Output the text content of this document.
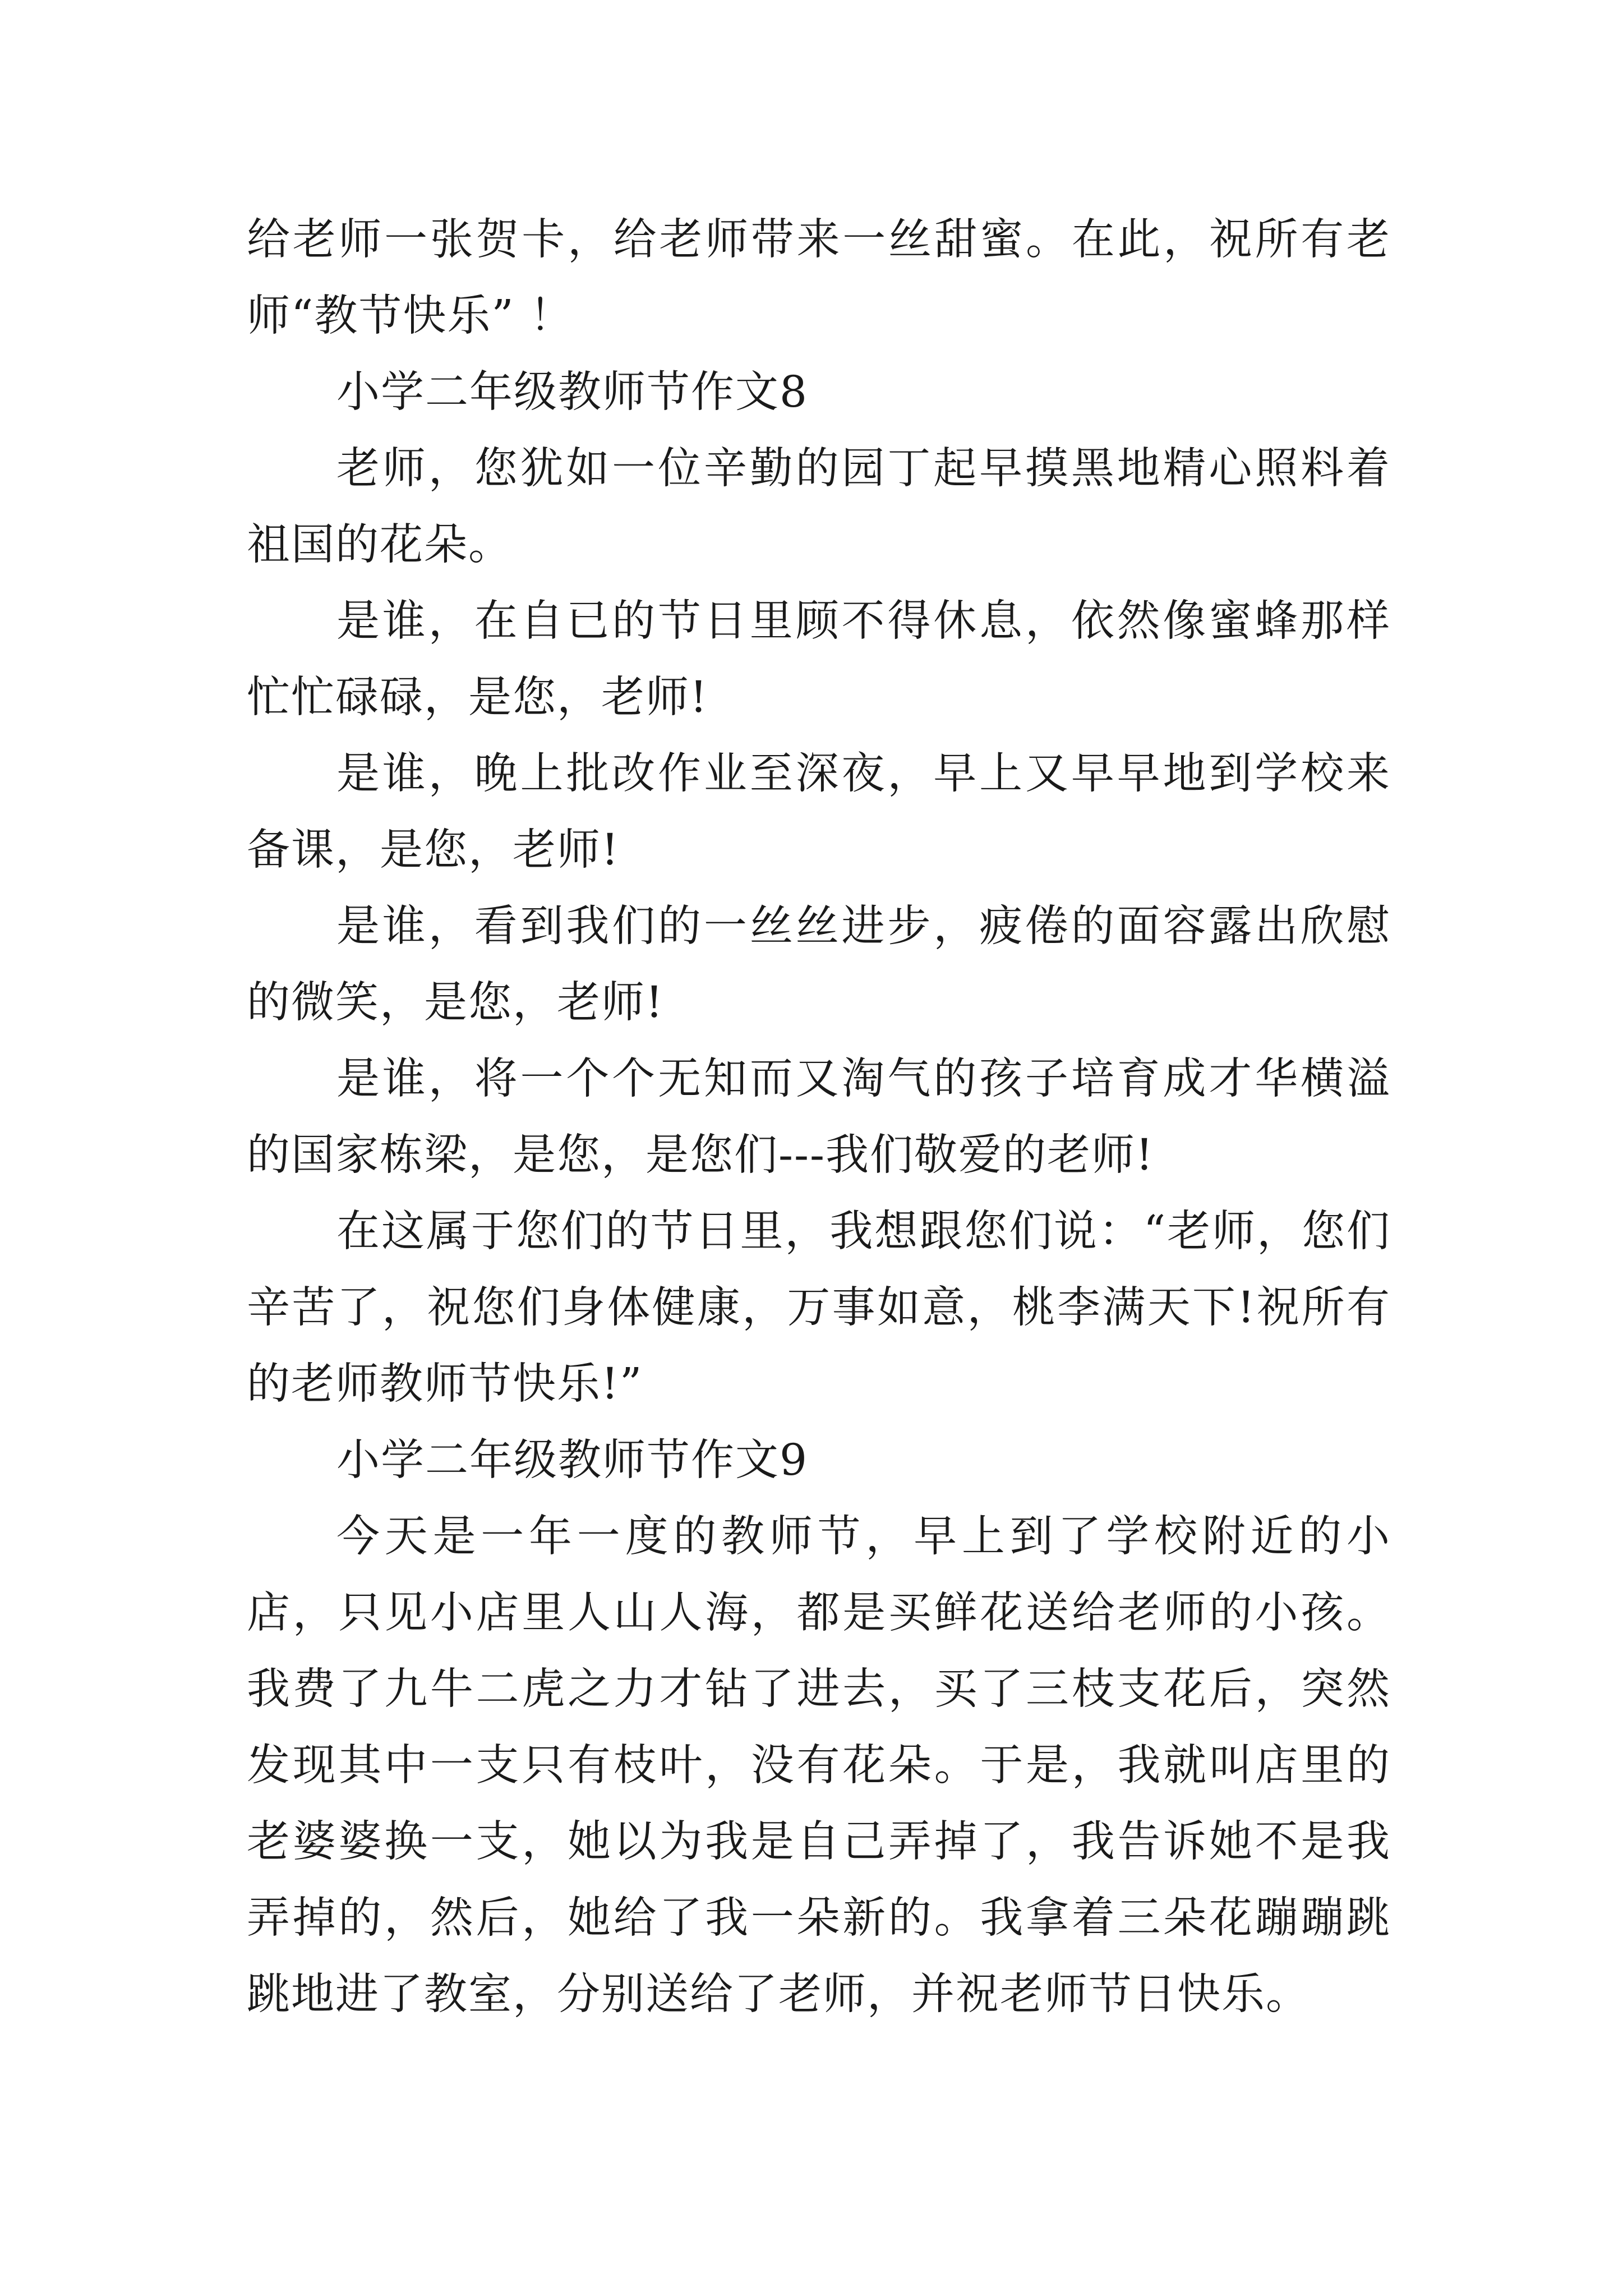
给老师一张贺卡，给老师带来一丝甜蜜。在此，祝所有老师“教节快乐” ！

小学二年级教师节作文8

老师，您犹如一位辛勤的园丁起早摸黑地精心照料着祖国的花朵。

是谁，在自已的节日里顾不得休息，依然像蜜蜂那样忙忙碌碌，是您，老师!

是谁，晚上批改作业至深夜，早上又早早地到学校来备课，是您，老师!

是谁，看到我们的一丝丝进步，疲倦的面容露出欣慰的微笑，是您，老师!

是谁，将一个个无知而又淘气的孩子培育成才华横溢的国家栋梁，是您，是您们---我们敬爱的老师!

在这属于您们的节日里，我想跟您们说：“老师，您们辛苦了，祝您们身体健康，万事如意，桃李满天下!祝所有的老师教师节快乐!”

小学二年级教师节作文9

今天是一年一度的教师节，早上到了学校附近的小店，只见小店里人山人海，都是买鲜花送给老师的小孩。我费了九牛二虎之力才钻了进去，买了三枝支花后，突然发现其中一支只有枝叶，没有花朵。于是，我就叫店里的老婆婆换一支，她以为我是自己弄掉了，我告诉她不是我弄掉的，然后，她给了我一朵新的。我拿着三朵花蹦蹦跳跳地进了教室，分别送给了老师，并祝老师节日快乐。
